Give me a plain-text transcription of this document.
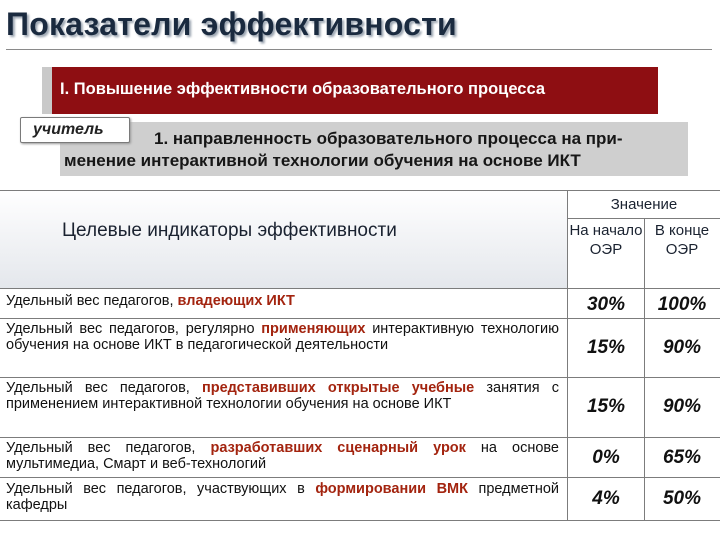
Показатели эффективности
I. Повышение эффективности образовательного процесса
1. направленность образовательного процесса на при-
менение интерактивной технологии обучения на основе ИКТ
учитель
Целевые индикаторы эффективности
Значение
На начало ОЭР
В конце ОЭР
Удельный вес педагогов, владеющих ИКТ	30%	100%
Удельный вес педагогов, регулярно применяющих интерактивную технологию обучения на основе ИКТ в педагогической деятельности	15%	90%
Удельный вес педагогов, представивших открытые учебные занятия с применением интерактивной технологии обучения на основе ИКТ	15%	90%
Удельный вес педагогов, разработавших сценарный урок на основе мультимедиа, Смарт и веб-технологий	0%	65%
Удельный вес педагогов, участвующих в формировании ВМК предметной кафедры	4%	50%
